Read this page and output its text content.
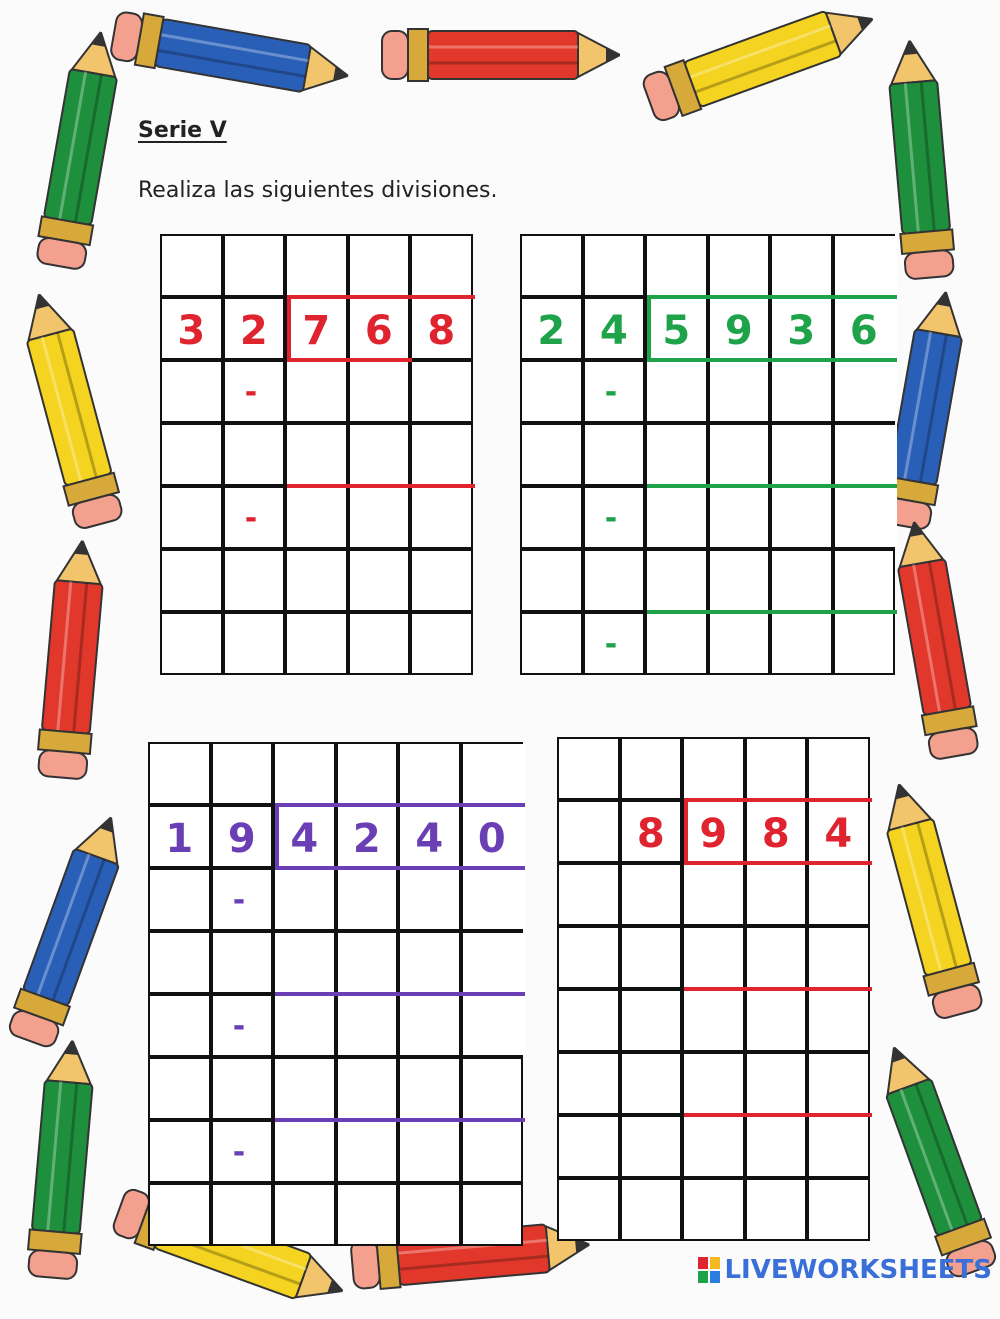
Serie V
Realiza las siguientes divisiones.
3 2 7 6 8
-
-
2 4 5 9 3 6
-
-
-
1 9 4 2 4 0
-
-
-
8 9 8 4
LIVEWORKSHEETS
